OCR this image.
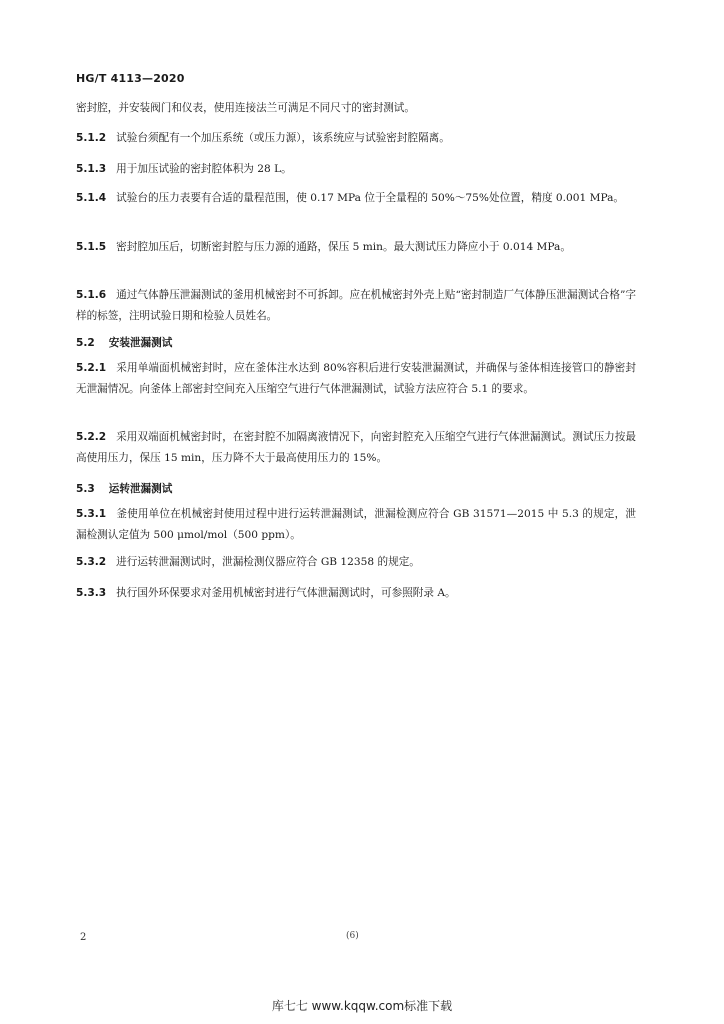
HG/T 4113—2020
密封腔，并安装阀门和仪表，使用连接法兰可满足不同尺寸的密封测试。
5.1.2 试验台须配有一个加压系统（或压力源），该系统应与试验密封腔隔离。
5.1.3 用于加压试验的密封腔体积为 28 L。
5.1.4 试验台的压力表要有合适的量程范围，使 0.17 MPa 位于全量程的 50%～75%处位置，精度 0.001 MPa。
5.1.5 密封腔加压后，切断密封腔与压力源的通路，保压 5 min。最大测试压力降应小于 0.014 MPa。
5.1.6 通过气体静压泄漏测试的釜用机械密封不可拆卸。应在机械密封外壳上贴“密封制造厂气体静压泄漏测试合格”字样的标签，注明试验日期和检验人员姓名。
5.2 安装泄漏测试
5.2.1 采用单端面机械密封时，应在釜体注水达到 80%容积后进行安装泄漏测试，并确保与釜体相连接管口的静密封无泄漏情况。向釜体上部密封空间充入压缩空气进行气体泄漏测试，试验方法应符合 5.1 的要求。
5.2.2 采用双端面机械密封时，在密封腔不加隔离液情况下，向密封腔充入压缩空气进行气体泄漏测试。测试压力按最高使用压力，保压 15 min，压力降不大于最高使用压力的 15%。
5.3 运转泄漏测试
5.3.1 釜使用单位在机械密封使用过程中进行运转泄漏测试，泄漏检测应符合 GB 31571—2015 中 5.3 的规定，泄漏检测认定值为 500 μmol/mol（500 ppm）。
5.3.2 进行运转泄漏测试时，泄漏检测仪器应符合 GB 12358 的规定。
5.3.3 执行国外环保要求对釜用机械密封进行气体泄漏测试时，可参照附录 A。
2	(6)
库七七 www.kqqw.com标准下载
